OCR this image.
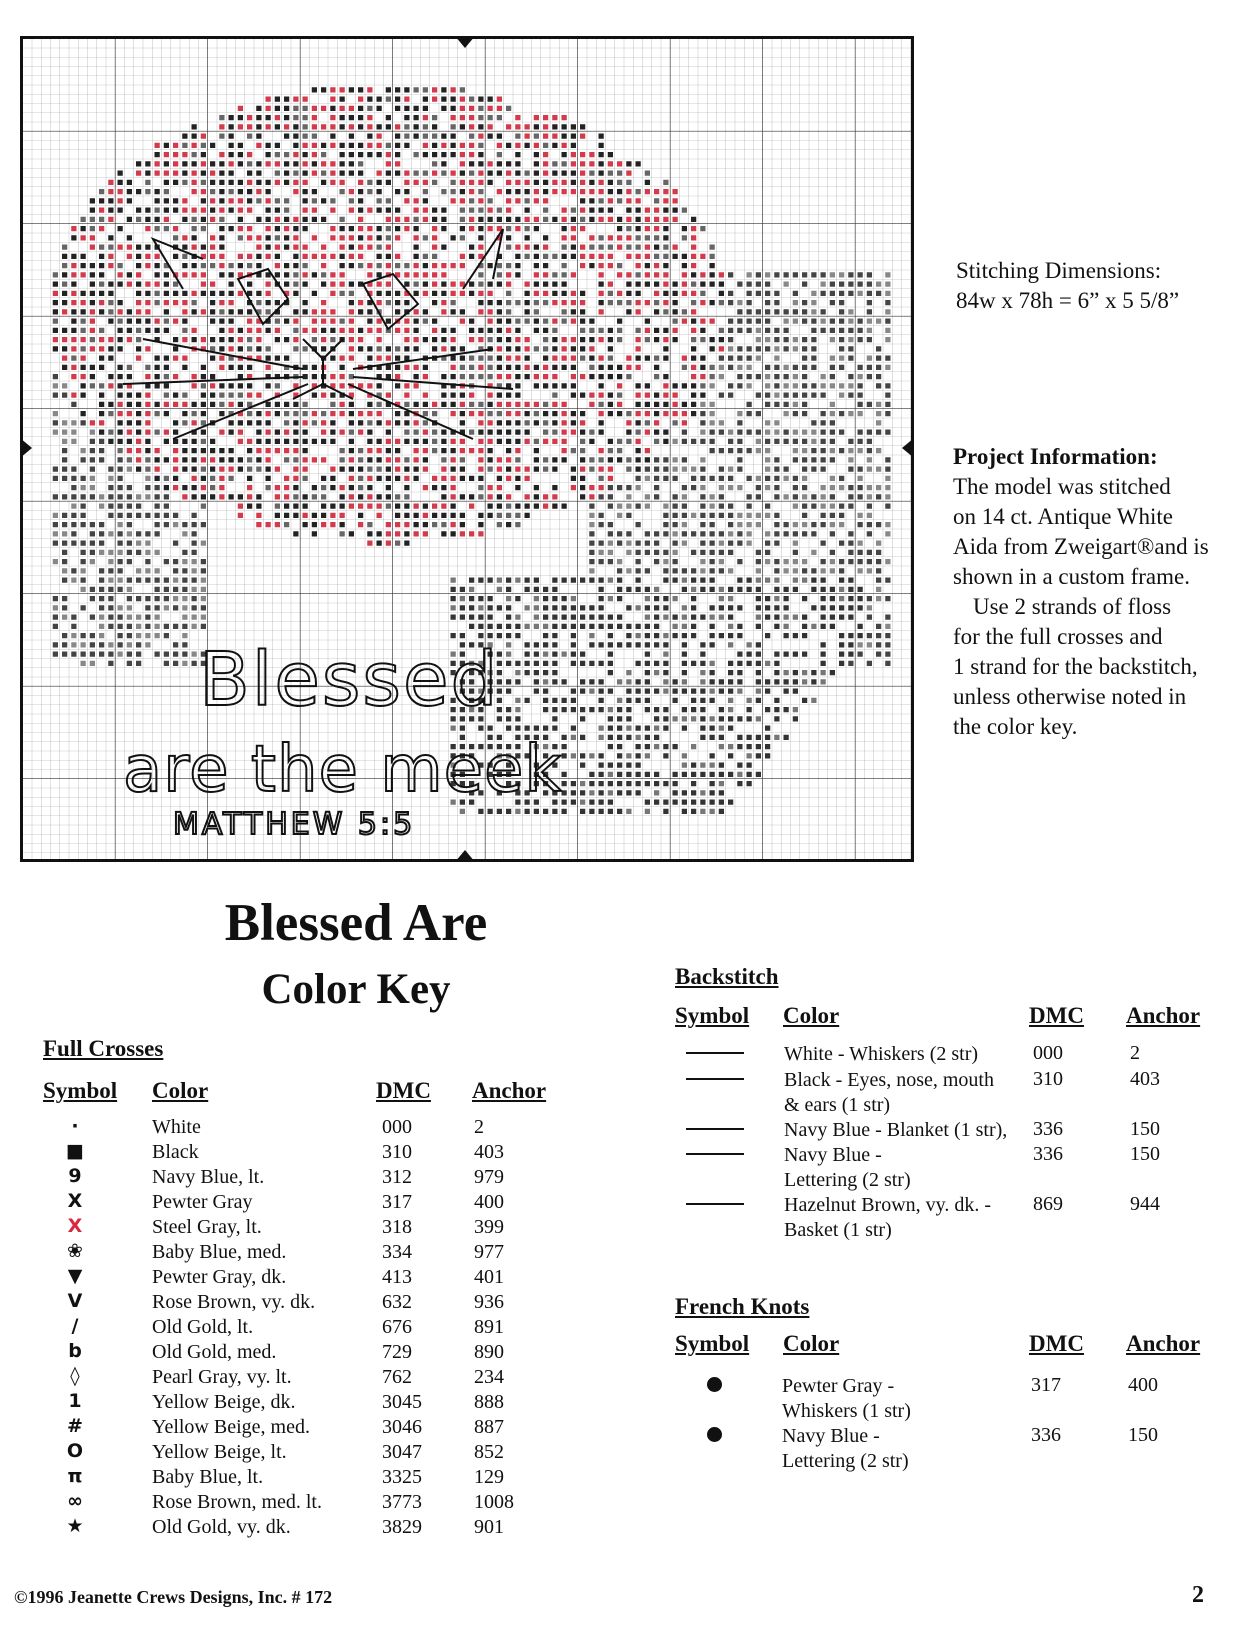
Blessed
are the meek
MATTHEW 5:5
Stitching Dimensions:
84w x 78h = 6” x 5 5/8”
Project Information:
The model was stitched
on 14 ct. Antique White
Aida from Zweigart®and is
shown in a custom frame.
Use 2 strands of floss
for the full crosses and
1 strand for the backstitch,
unless otherwise noted in
the color key.
Blessed Are
Color Key
Full Crosses
Symbol Color	DMC Anchor
·	White	000	2
■	Black	310	403
9	Navy Blue, lt.	312	979
X	Pewter Gray	317	400
X	Steel Gray, lt.	318	399
❀	Baby Blue, med.	334	977
▼	Pewter Gray, dk.	413	401
V	Rose Brown, vy. dk.	632	936
/	Old Gold, lt.	676	891
b	Old Gold, med.	729	890
◊	Pearl Gray, vy. lt.	762	234
1	Yellow Beige, dk.	3045	888
#	Yellow Beige, med.	3046	887
O	Yellow Beige, lt.	3047	852
π	Baby Blue, lt.	3325	129
∞	Rose Brown, med. lt.	3773	1008
★	Old Gold, vy. dk.	3829	901
Backstitch
Symbol Color	DMC Anchor
White - Whiskers (2 str)	000	2
Black - Eyes, nose, mouth
& ears (1 str)
310	403
Navy Blue - Blanket (1 str), 336	150
Navy Blue -
Lettering (2 str)
336	150
Hazelnut Brown, vy. dk. -
Basket (1 str)
869	944
French Knots
Symbol Color	DMC Anchor
Pewter Gray -
Whiskers (1 str)
317	400
Navy Blue -
Lettering (2 str)
336	150
©1996 Jeanette Crews Designs, Inc. # 172	2
